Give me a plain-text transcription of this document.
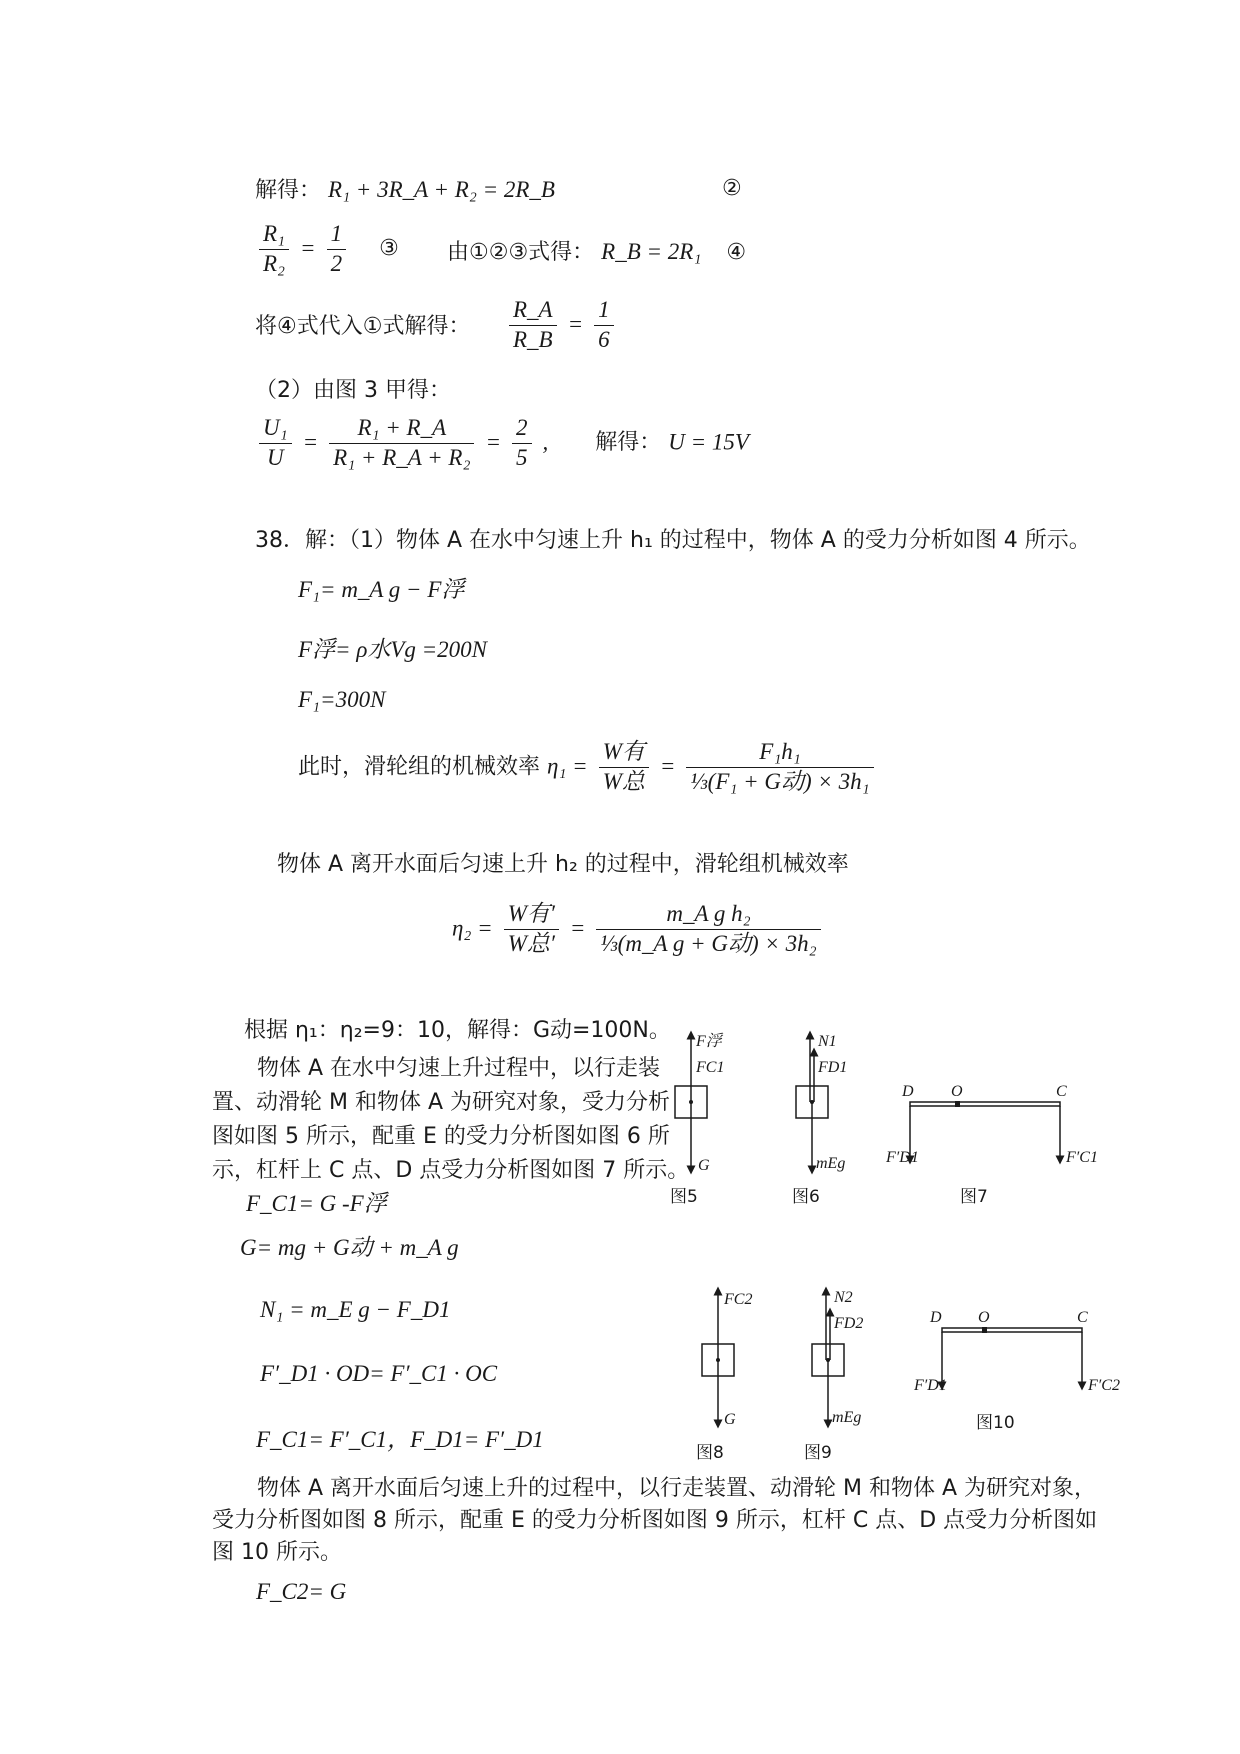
解得： R₁ + 3R_A + R₂ = 2R_B	②
$\frac{\text{R₁}}{\text{R₂}} = \frac{1}{2}$ ③ 由①②③式得： R_B = 2R₁ ④
将④式代入①式解得： $\frac{R\_A}{R\_B} = \frac{1}{6}$
（2）由图 3 甲得：
$\frac{\text{U₁}}{U} = \frac{\text{R₁ + R\_A}}{\text{R₁ + R\_A + R₂}} = \frac{2}{5}$ , 解得： U = 15V
38．解：（1）物体 A 在水中匀速上升 h₁ 的过程中，物体 A 的受力分析如图 4 所示。
F₁= m_A g − F浮
F浮= ρ水Vg =200N
F₁=300N
此时，滑轮组的机械效率 $\eta_1 = \frac{\text{W有}}{\text{W总}} = \frac{\text{F₁h₁}}{\text{⅓(F₁ + G动) × 3h₁}}$
物体 A 离开水面后匀速上升 h₂ 的过程中，滑轮组机械效率
$\eta_2 = \frac{\text{W有′}}{\text{W总′}} = \frac{\text{m\_A g h₂}}{\text{⅓(m\_A g + G动) × 3h₂}}$
根据 η₁：η₂=9：10，解得：G动=100N。
物体 A 在水中匀速上升过程中，以行走装
置、动滑轮 M 和物体 A 为研究对象，受力分析
图如图 5 所示，配重 E 的受力分析图如图 6 所
示，杠杆上 C 点、D 点受力分析图如图 7 所示。
F_C1= G -F浮
G= mg + G动 + m_A g
N₁ = m_E g − F_D1
F′_D1 · OD= F′_C1 · OC
F_C1= F′_C1，F_D1= F′_D1
物体 A 离开水面后匀速上升的过程中，以行走装置、动滑轮 M 和物体 A 为研究对象，
受力分析图如图 8 所示，配重 E 的受力分析图如图 9 所示，杠杆 C 点、D 点受力分析图如
图 10 所示。
F_C2= G
F浮
FC1
G
图5
N1
FD1
mEg
图6
D O	C
F′D1	F′C1
图7
FC2
G
图8
N2
FD2
mEg
图9
D O	C
F′D1	F′C2
图10
